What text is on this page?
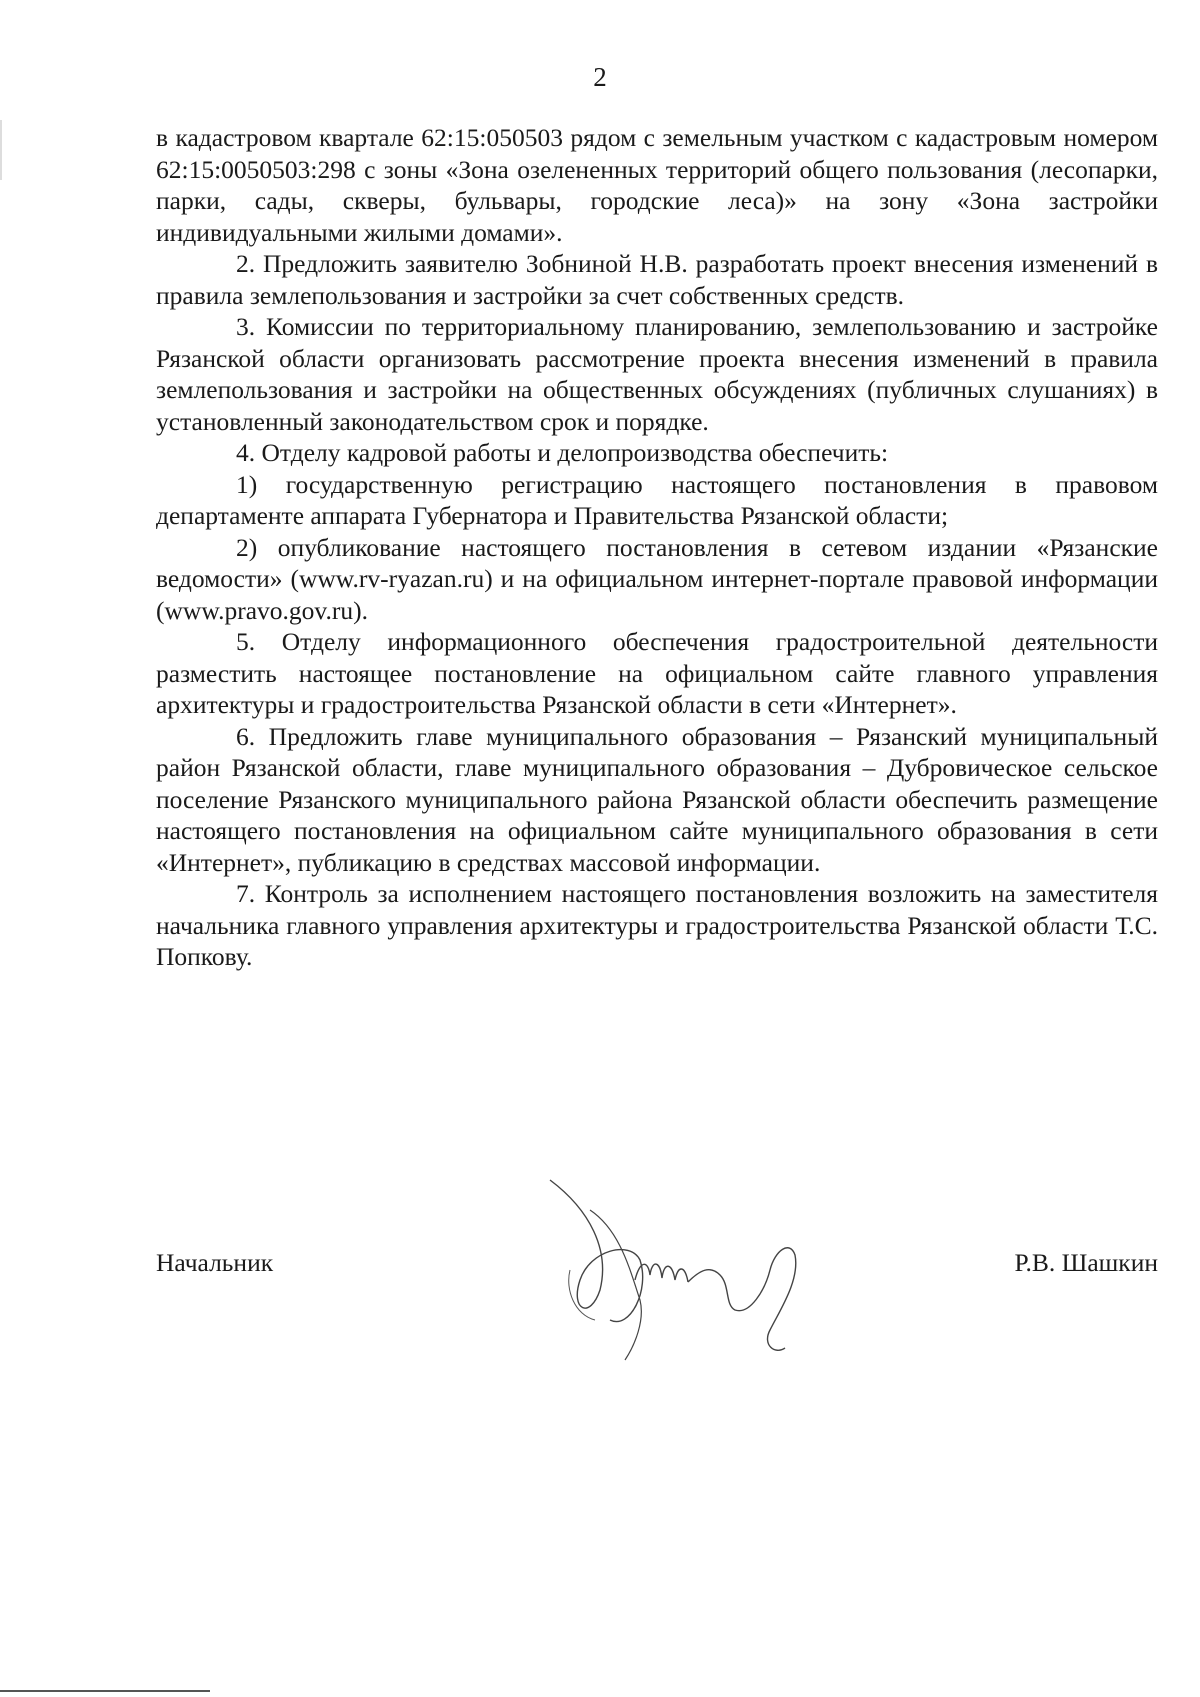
2

в кадастровом квартале 62:15:050503 рядом с земельным участком с кадастровым номером 62:15:0050503:298 с зоны «Зона озелененных территорий общего пользования (лесопарки, парки, сады, скверы, бульвары, городские леса)» на зону «Зона застройки индивидуальными жилыми домами».

2. Предложить заявителю Зобниной Н.В. разработать проект внесения изменений в правила землепользования и застройки за счет собственных средств.

3. Комиссии по территориальному планированию, землепользованию и застройке Рязанской области организовать рассмотрение проекта внесения изменений в правила землепользования и застройки на общественных обсуждениях (публичных слушаниях) в установленный законодательством срок и порядке.

4. Отделу кадровой работы и делопроизводства обеспечить:

1) государственную регистрацию настоящего постановления в правовом департаменте аппарата Губернатора и Правительства Рязанской области;

2) опубликование настоящего постановления в сетевом издании «Рязанские ведомости» (www.rv-ryazan.ru) и на официальном интернет-портале правовой информации (www.pravo.gov.ru).

5. Отделу информационного обеспечения градостроительной деятельности разместить настоящее постановление на официальном сайте главного управления архитектуры и градостроительства Рязанской области в сети «Интернет».

6. Предложить главе муниципального образования – Рязанский муниципальный район Рязанской области, главе муниципального образования – Дубровическое сельское поселение Рязанского муниципального района Рязанской области обеспечить размещение настоящего постановления на официальном сайте муниципального образования в сети «Интернет», публикацию в средствах массовой информации.

7. Контроль за исполнением настоящего постановления возложить на заместителя начальника главного управления архитектуры и градостроительства Рязанской области Т.С. Попкову.

Начальник	Р.В. Шашкин
